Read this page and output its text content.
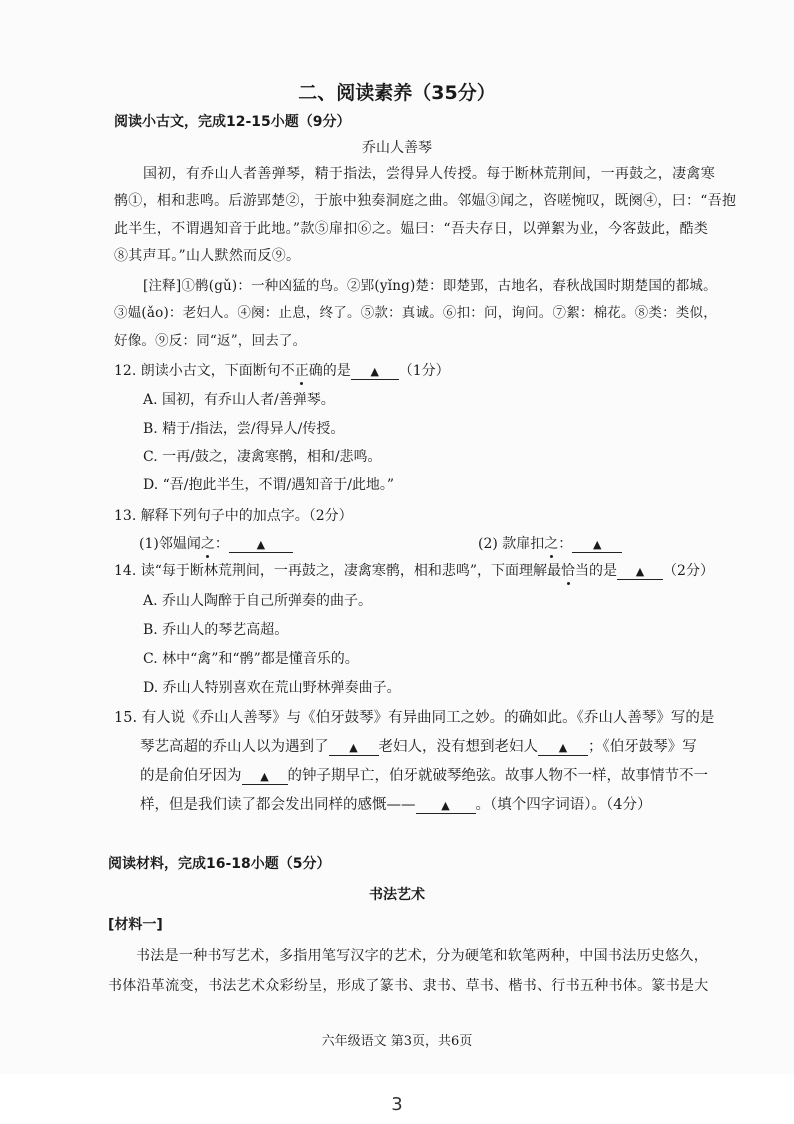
二、阅读素养（35分）
阅读小古文，完成12-15小题（9分）
乔山人善琴
国初，有乔山人者善弹琴，精于指法，尝得异人传授。每于断林荒荆间，一再鼓之，凄禽寒
鹘①，相和悲鸣。后游郢楚②，于旅中独奏洞庭之曲。邻媪③闻之，咨嗟惋叹，既阕④，曰：“吾抱
此半生，不谓遇知音于此地。”款⑤扉扣⑥之。媪曰：“吾夫存日，以弹絮为业，今客鼓此，酷类
⑧其声耳。”山人默然而反⑨。
[注释]①鹘(gǔ)：一种凶猛的鸟。②郢(yǐng)楚：即楚郢，古地名，春秋战国时期楚国的都城。
③媪(ǎo)：老妇人。④阕：止息，终了。⑤款：真诚。⑥扣：问，询问。⑦絮：棉花。⑧类：类似，
好像。⑨反：同“返”，回去了。
12. 朗读小古文，下面断句不正确的是 ▲ （1分）
A. 国初，有乔山人者/善弹琴。
B. 精于/指法，尝/得异人/传授。
C. 一再/鼓之，凄禽寒鹘，相和/悲鸣。
D. “吾/抱此半生，不谓/遇知音于/此地。”
13. 解释下列句子中的加点字。（2分）
(1)邻媪闻之：	▲	(2) 款扉扣之： ▲
14. 读“每于断林荒荆间，一再鼓之，凄禽寒鹘，相和悲鸣”，下面理解最恰当的是 ▲ （2分）
A. 乔山人陶醉于自己所弹奏的曲子。
B. 乔山人的琴艺高超。
C. 林中“禽”和“鹘”都是懂音乐的。
D. 乔山人特别喜欢在荒山野林弹奏曲子。
15. 有人说《乔山人善琴》与《伯牙鼓琴》有异曲同工之妙。的确如此。《乔山人善琴》写的是
琴艺高超的乔山人以为遇到了 ▲ 老妇人，没有想到老妇人 ▲ ；《伯牙鼓琴》写
的是俞伯牙因为 ▲ 的钟子期早亡，伯牙就破琴绝弦。故事人物不一样，故事情节不一
样，但是我们读了都会发出同样的感慨—— ▲ 。（填个四字词语）。（4分）
阅读材料，完成16-18小题（5分）
书法艺术
[材料一]
书法是一种书写艺术，多指用笔写汉字的艺术，分为硬笔和软笔两种，中国书法历史悠久，
书体沿革流变，书法艺术众彩纷呈，形成了篆书、隶书、草书、楷书、行书五种书体。篆书是大
六年级语文 第3页，共6页
3
